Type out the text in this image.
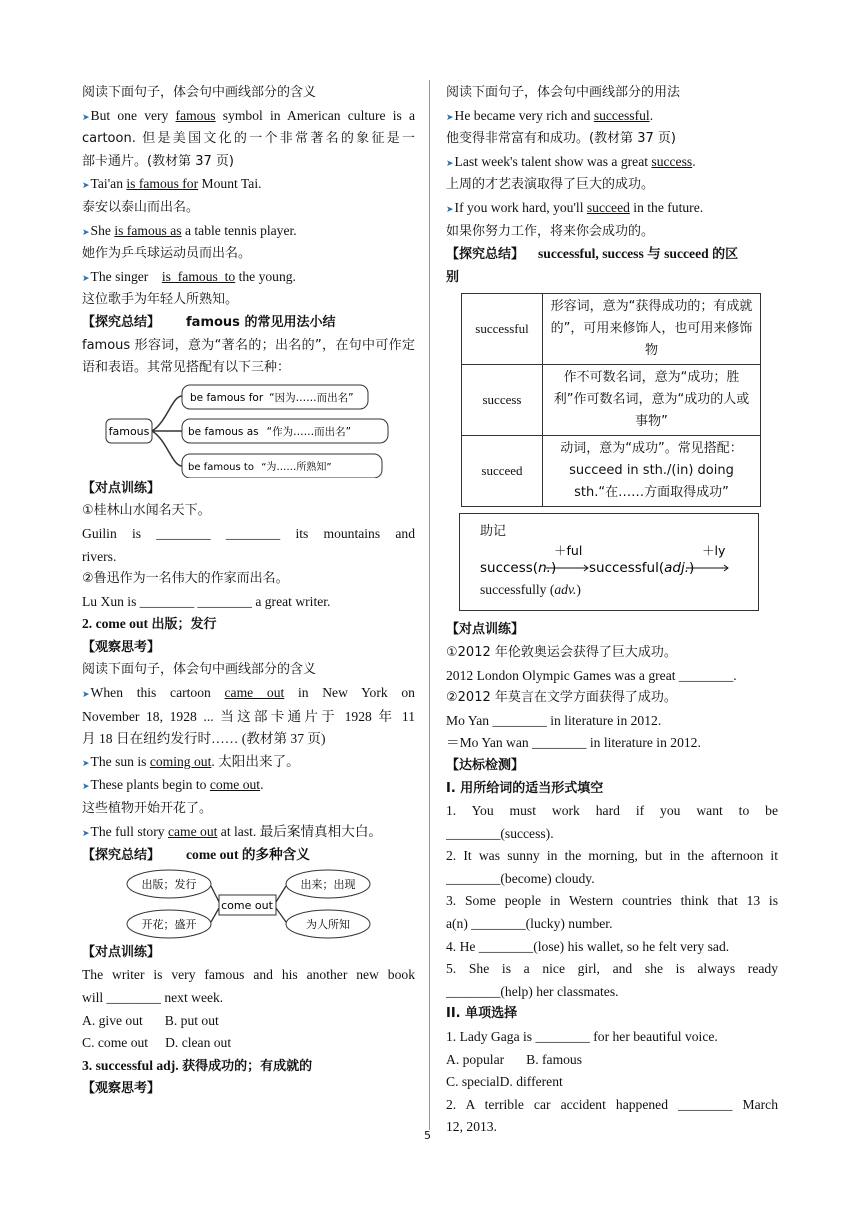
阅读下面句子，体会句中画线部分的含义
➤But one very famous symbol in American culture is a
cartoon. 但是美国文化的一个非常著名的象征是一
部卡通片。(教材第 37 页)
➤Tai'an is famous for Mount Tai.
泰安以泰山而出名。
➤She is famous as a table tennis player.
她作为乒乓球运动员而出名。
➤The singer    is  famous  to the young.
这位歌手为年轻人所熟知。
【探究总结】 famous 的常见用法小结
famous 形容词，意为“著名的；出名的”，在句中可作定语和表语。其常见搭配有以下三种：
famous
be famous for “因为……而出名”
be famous as “作为……而出名”
be famous to “为……所熟知”
【对点训练】
①桂林山水闻名天下。
Guilin is ________ ________ its mountains and
rivers.
②鲁迅作为一名伟大的作家而出名。
Lu Xun is ________ ________ a great writer.
2. come out 出版；发行
【观察思考】
阅读下面句子，体会句中画线部分的含义
➤When this cartoon came out in New York on
November 18, 1928 ... 当这部卡通片于 1928 年 11
月 18 日在纽约发行时…… (教材第 37 页)
➤The sun is coming out. 太阳出来了。
➤These plants begin to come out.
这些植物开始开花了。
➤The full story came out at last. 最后案情真相大白。
【探究总结】 come out 的多种含义
出版；发行	出来；出现
开花；盛开	为人所知
come out
【对点训练】
The writer is very famous and his another new book
will ________ next week.
A. give out B. put out
C. come out D. clean out
3. successful adj. 获得成功的；有成就的
【观察思考】
阅读下面句子，体会句中画线部分的用法
➤He became very rich and successful.
他变得非常富有和成功。(教材第 37 页)
➤Last week's talent show was a great success.
上周的才艺表演取得了巨大的成功。
➤If you work hard, you'll succeed in the future.
如果你努力工作，将来你会成功的。
【探究总结】 successful, success 与 succeed 的区
别
successful	形容词，意为“获得成功的；有成就的”，可用来修饰人，也可用来修饰物
success	作不可数名词，意为“成功；胜利”作可数名词，意为“成功的人或事物”
succeed	动词，意为“成功”。常见搭配：succeed in sth./(in) doing sth.“在……方面取得成功”
助记
＋ful	＋ly
success(n.) successful(adj.)
successfully (adv.)
【对点训练】
①2012 年伦敦奥运会获得了巨大成功。
2012 London Olympic Games was a great ________.
②2012 年莫言在文学方面获得了成功。
Mo Yan ________ in literature in 2012.
＝Mo Yan wan ________ in literature in 2012.
【达标检测】
I. 用所给词的适当形式填空
1. You must work hard if you want to be
________(success).
2. It was sunny in the morning, but in the afternoon it
________(become) cloudy.
3. Some people in Western countries think that 13 is
a(n) ________(lucky) number.
4. He ________(lose) his wallet, so he felt very sad.
5. She is a nice girl, and she is always ready
________(help) her classmates.
II. 单项选择
1. Lady Gaga is ________ for her beautiful voice.
A. popular B. famous
C. specialD. different
2. A terrible car accident happened ________ March
12, 2013.
5
